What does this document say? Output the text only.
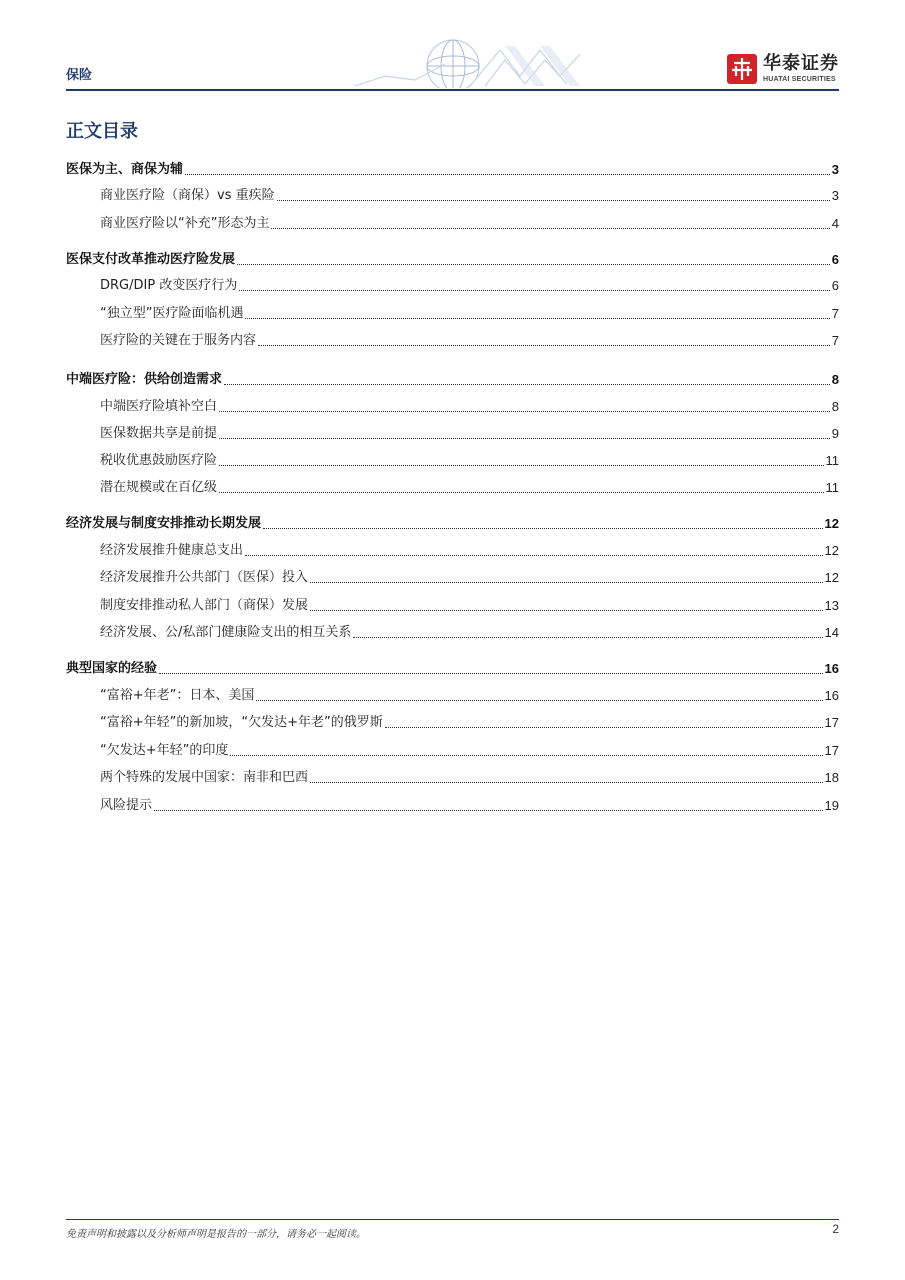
保险
华泰证券
HUATAI SECURITIES
正文目录
医保为主、商保为辅	3
商业医疗险（商保）vs 重疾险	3
商业医疗险以“补充”形态为主	4
医保支付改革推动医疗险发展	6
DRG/DIP 改变医疗行为	6
“独立型”医疗险面临机遇	7
医疗险的关键在于服务内容	7
中端医疗险：供给创造需求	8
中端医疗险填补空白	8
医保数据共享是前提	9
税收优惠鼓励医疗险	11
潜在规模或在百亿级	11
经济发展与制度安排推动长期发展	12
经济发展推升健康总支出	12
经济发展推升公共部门（医保）投入	12
制度安排推动私人部门（商保）发展	13
经济发展、公/私部门健康险支出的相互关系	14
典型国家的经验	16
“富裕+年老”：日本、美国	16
“富裕+年轻”的新加坡，“欠发达+年老”的俄罗斯	17
“欠发达+年轻”的印度	17
两个特殊的发展中国家：南非和巴西	18
风险提示	19
免责声明和披露以及分析师声明是报告的一部分，请务必一起阅读。	2
